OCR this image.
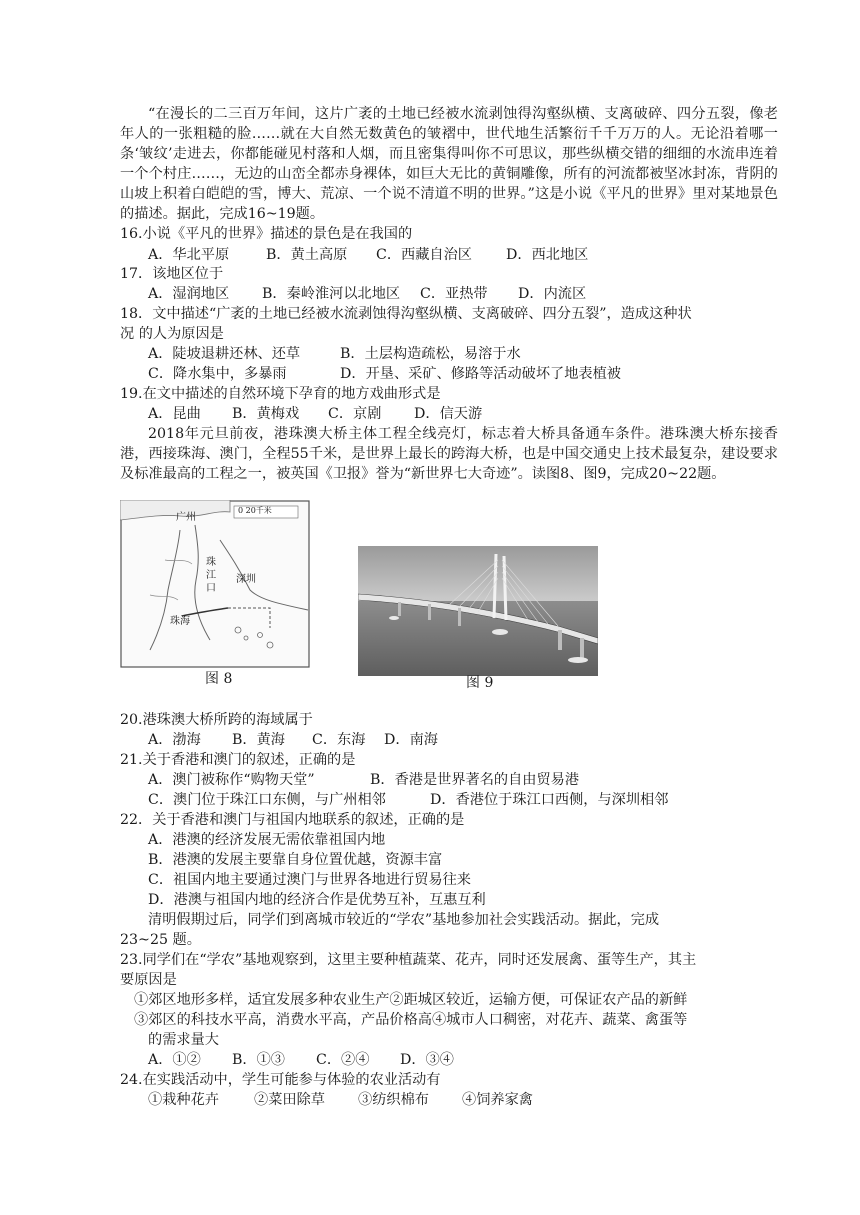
“在漫长的二三百万年间，这片广袤的土地已经被水流剥蚀得沟壑纵横、支离破碎、四分五裂，像老年人的一张粗糙的脸……就在大自然无数黄色的皱褶中，世代地生活繁衍千千万万的人。无论沿着哪一条‘皱纹’走进去，你都能碰见村落和人烟，而且密集得叫你不可思议，那些纵横交错的细细的水流串连着一个个村庄……，无边的山峦全都赤身裸体，如巨大无比的黄铜雕像，所有的河流都被坚冰封冻，背阴的山坡上积着白皑皑的雪，博大、荒凉、一个说不清道不明的世界。”这是小说《平凡的世界》里对某地景色的描述。据此，完成16~19题。
16.小说《平凡的世界》描述的景色是在我国的
A．华北平原	B．黄土高原 C．西藏自治区 D．西北地区
17．该地区位于
A．湿润地区 B．秦岭淮河以北地区 C．亚热带 D．内流区
18．文中描述“广袤的土地已经被水流剥蚀得沟壑纵横、支离破碎、四分五裂”，造成这种状
况 的人为原因是
A．陡坡退耕还林、还草	B．土层构造疏松，易溶于水
C．降水集中，多暴雨	D．开垦、采矿、修路等活动破坏了地表植被
19.在文中描述的自然环境下孕育的地方戏曲形式是
A．昆曲 B．黄梅戏 C．京剧 D．信天游
2018年元旦前夜，港珠澳大桥主体工程全线亮灯，标志着大桥具备通车条件。港珠澳大桥东接香港，西接珠海、澳门，全程55千米，是世界上最长的跨海大桥，也是中国交通史上技术最复杂，建设要求及标准最高的工程之一，被英国《卫报》誉为“新世界七大奇迹”。读图8、图9，完成20~22题。
广州
0 20千米
珠江口
深圳
珠海
图 8	图 9
20.港珠澳大桥所跨的海域属于
A．渤海 B．黄海 C．东海 D．南海
21.关于香港和澳门的叙述，正确的是
A．澳门被称作“购物天堂”	B．香港是世界著名的自由贸易港
C．澳门位于珠江口东侧，与广州相邻	D．香港位于珠江口西侧，与深圳相邻
22．关于香港和澳门与祖国内地联系的叙述，正确的是
A．港澳的经济发展无需依靠祖国内地
B．港澳的发展主要靠自身位置优越，资源丰富
C．祖国内地主要通过澳门与世界各地进行贸易往来
D．港澳与祖国内地的经济合作是优势互补，互惠互利
清明假期过后，同学们到离城市较近的“学农”基地参加社会实践活动。据此，完成
23~25 题。
23.同学们在“学农”基地观察到，这里主要种植蔬菜、花卉，同时还发展禽、蛋等生产，其主
要原因是
①郊区地形多样，适宜发展多种农业生产②距城区较近，运输方便，可保证农产品的新鲜
③郊区的科技水平高，消费水平高，产品价格高④城市人口稠密，对花卉、蔬菜、禽蛋等
的需求量大
A．①② B．①③ C．②④ D．③④
24.在实践活动中，学生可能参与体验的农业活动有
①栽种花卉 ②菜田除草 ③纺织棉布 ④饲养家禽
